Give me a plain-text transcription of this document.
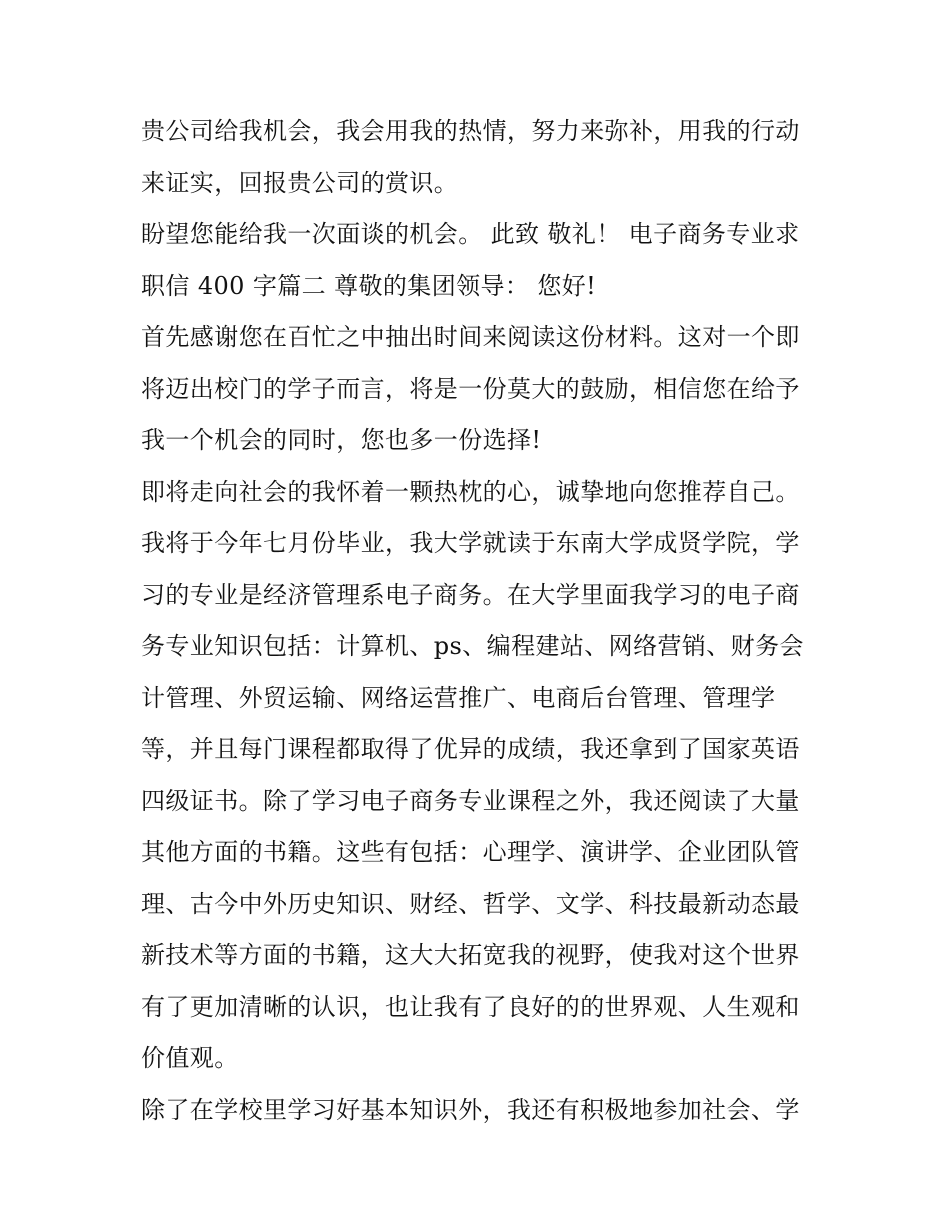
贵公司给我机会，我会用我的热情，努力来弥补，用我的行动
来证实，回报贵公司的赏识。
盼望您能给我一次面谈的机会。 此致 敬礼！ 电子商务专业求
职信 400 字篇二 尊敬的集团领导： 您好!
首先感谢您在百忙之中抽出时间来阅读这份材料。这对一个即
将迈出校门的学子而言，将是一份莫大的鼓励，相信您在给予
我一个机会的同时，您也多一份选择!
即将走向社会的我怀着一颗热枕的心，诚挚地向您推荐自己。
我将于今年七月份毕业，我大学就读于东南大学成贤学院，学
习的专业是经济管理系电子商务。在大学里面我学习的电子商
务专业知识包括：计算机、ps、编程建站、网络营销、财务会
计管理、外贸运输、网络运营推广、电商后台管理、管理学
等，并且每门课程都取得了优异的成绩，我还拿到了国家英语
四级证书。除了学习电子商务专业课程之外，我还阅读了大量
其他方面的书籍。这些有包括：心理学、演讲学、企业团队管
理、古今中外历史知识、财经、哲学、文学、科技最新动态最
新技术等方面的书籍，这大大拓宽我的视野，使我对这个世界
有了更加清晰的认识，也让我有了良好的的世界观、人生观和
价值观。
除了在学校里学习好基本知识外，我还有积极地参加社会、学
